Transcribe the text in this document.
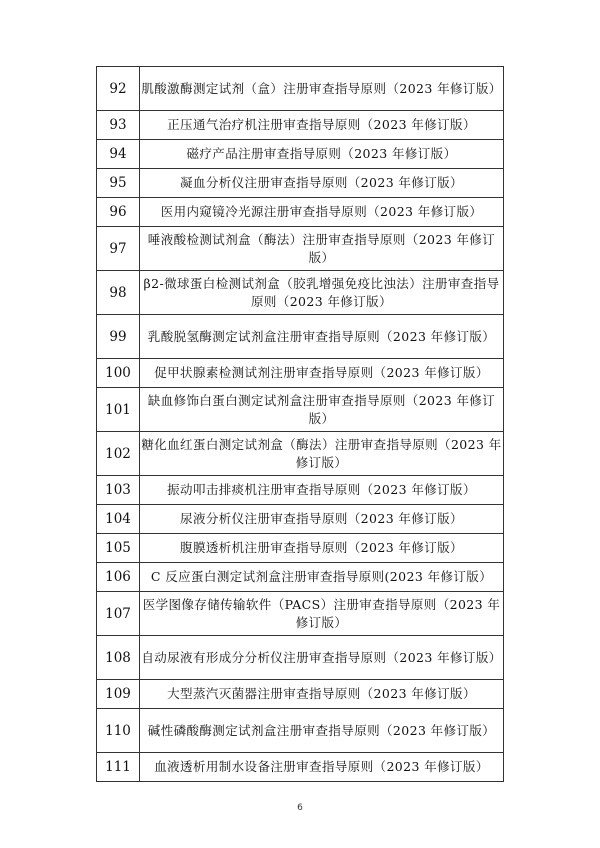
92	肌酸激酶测定试剂（盒）注册审查指导原则（2023 年修订版）
93	正压通气治疗机注册审查指导原则（2023 年修订版）
94	磁疗产品注册审查指导原则（2023 年修订版）
95	凝血分析仪注册审查指导原则（2023 年修订版）
96	医用内窥镜冷光源注册审查指导原则（2023 年修订版）
97	唾液酸检测试剂盒（酶法）注册审查指导原则（2023 年修订版）
98	β2-微球蛋白检测试剂盒（胶乳增强免疫比浊法）注册审查指导原则（2023 年修订版）
99	乳酸脱氢酶测定试剂盒注册审查指导原则（2023 年修订版）
100	促甲状腺素检测试剂注册审查指导原则（2023 年修订版）
101	缺血修饰白蛋白测定试剂盒注册审查指导原则（2023 年修订版）
102	糖化血红蛋白测定试剂盒（酶法）注册审查指导原则（2023 年修订版）
103	振动叩击排痰机注册审查指导原则（2023 年修订版）
104	尿液分析仪注册审查指导原则（2023 年修订版）
105	腹膜透析机注册审查指导原则（2023 年修订版）
106	C 反应蛋白测定试剂盒注册审查指导原则(2023 年修订版）
107	医学图像存储传输软件（PACS）注册审查指导原则（2023 年修订版）
108	自动尿液有形成分分析仪注册审查指导原则（2023 年修订版）
109	大型蒸汽灭菌器注册审查指导原则（2023 年修订版）
110	碱性磷酸酶测定试剂盒注册审查指导原则（2023 年修订版）
111	血液透析用制水设备注册审查指导原则（2023 年修订版）
6
